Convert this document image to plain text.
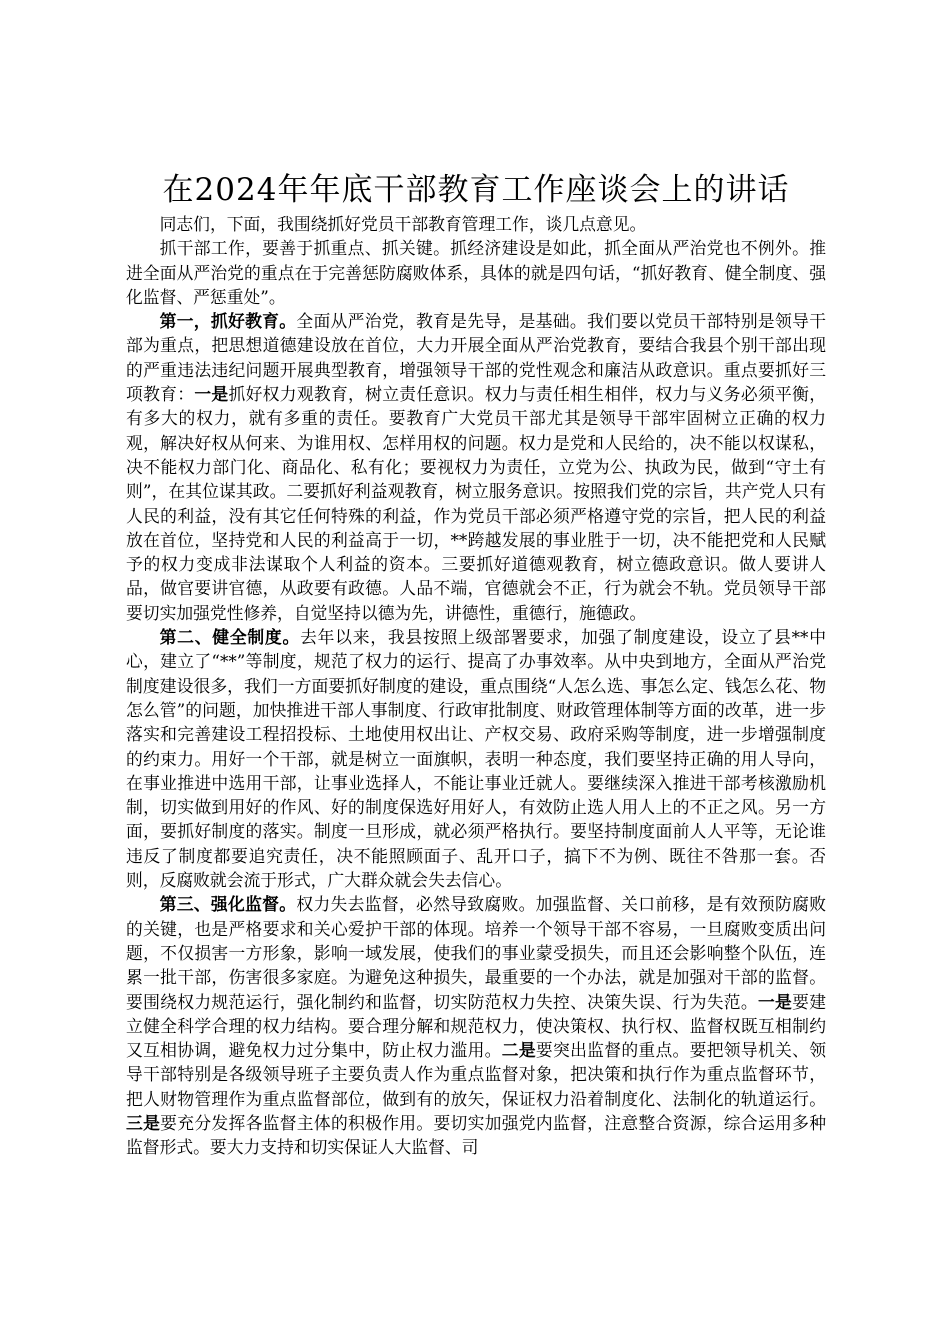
在2024年年底干部教育工作座谈会上的讲话

同志们，下面，我围绕抓好党员干部教育管理工作，谈几点意见。

抓干部工作，要善于抓重点、抓关键。抓经济建设是如此，抓全面从严治党也不例外。推进全面从严治党的重点在于完善惩防腐败体系，具体的就是四句话，“抓好教育、健全制度、强化监督、严惩重处”。

第一，抓好教育。全面从严治党，教育是先导，是基础。我们要以党员干部特别是领导干部为重点，把思想道德建设放在首位，大力开展全面从严治党教育，要结合我县个别干部出现的严重违法违纪问题开展典型教育，增强领导干部的党性观念和廉洁从政意识。重点要抓好三项教育：一是抓好权力观教育，树立责任意识。权力与责任相生相伴，权力与义务必须平衡，有多大的权力，就有多重的责任。要教育广大党员干部尤其是领导干部牢固树立正确的权力观，解决好权从何来、为谁用权、怎样用权的问题。权力是党和人民给的，决不能以权谋私，决不能权力部门化、商品化、私有化；要视权力为责任，立党为公、执政为民，做到“守土有则”，在其位谋其政。二要抓好利益观教育，树立服务意识。按照我们党的宗旨，共产党人只有人民的利益，没有其它任何特殊的利益，作为党员干部必须严格遵守党的宗旨，把人民的利益放在首位，坚持党和人民的利益高于一切，**跨越发展的事业胜于一切，决不能把党和人民赋予的权力变成非法谋取个人利益的资本。三要抓好道德观教育，树立德政意识。做人要讲人品，做官要讲官德，从政要有政德。人品不端，官德就会不正，行为就会不轨。党员领导干部要切实加强党性修养，自觉坚持以德为先，讲德性，重德行，施德政。

第二、健全制度。去年以来，我县按照上级部署要求，加强了制度建设，设立了县**中心，建立了“**”等制度，规范了权力的运行、提高了办事效率。从中央到地方，全面从严治党制度建设很多，我们一方面要抓好制度的建设，重点围绕“人怎么选、事怎么定、钱怎么花、物怎么管”的问题，加快推进干部人事制度、行政审批制度、财政管理体制等方面的改革，进一步落实和完善建设工程招投标、土地使用权出让、产权交易、政府采购等制度，进一步增强制度的约束力。用好一个干部，就是树立一面旗帜，表明一种态度，我们要坚持正确的用人导向，在事业推进中选用干部，让事业选择人，不能让事业迁就人。要继续深入推进干部考核激励机制，切实做到用好的作风、好的制度保选好用好人，有效防止选人用人上的不正之风。另一方面，要抓好制度的落实。制度一旦形成，就必须严格执行。要坚持制度面前人人平等，无论谁违反了制度都要追究责任，决不能照顾面子、乱开口子，搞下不为例、既往不咎那一套。否则，反腐败就会流于形式，广大群众就会失去信心。

第三、强化监督。权力失去监督，必然导致腐败。加强监督、关口前移，是有效预防腐败的关键，也是严格要求和关心爱护干部的体现。培养一个领导干部不容易，一旦腐败变质出问题，不仅损害一方形象，影响一域发展，使我们的事业蒙受损失，而且还会影响整个队伍，连累一批干部，伤害很多家庭。为避免这种损失，最重要的一个办法，就是加强对干部的监督。要围绕权力规范运行，强化制约和监督，切实防范权力失控、决策失误、行为失范。一是要建立健全科学合理的权力结构。要合理分解和规范权力，使决策权、执行权、监督权既互相制约又互相协调，避免权力过分集中，防止权力滥用。二是要突出监督的重点。要把领导机关、领导干部特别是各级领导班子主要负责人作为重点监督对象，把决策和执行作为重点监督环节，把人财物管理作为重点监督部位，做到有的放矢，保证权力沿着制度化、法制化的轨道运行。三是要充分发挥各监督主体的积极作用。要切实加强党内监督，注意整合资源，综合运用多种监督形式。要大力支持和切实保证人大监督、司
